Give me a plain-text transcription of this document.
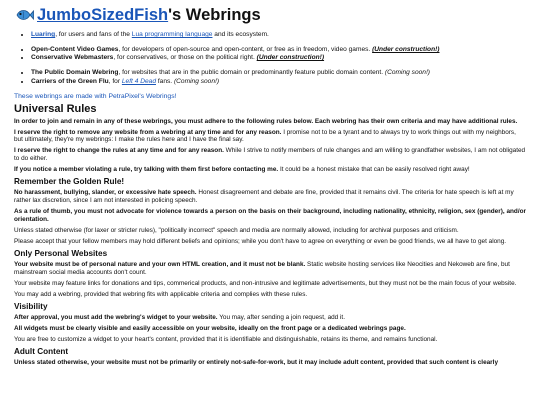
JumboSizedFish's Webrings
• Luaring, for users and fans of the Lua programming language and its ecosystem.
• Open-Content Video Games, for developers of open-source and open-content, or free as in freedom, video games. (Under construction!)
• Conservative Webmasters, for conservatives, or those on the political right. (Under construction!)
• The Public Domain Webring, for websites that are in the public domain or predominantly feature public domain content. (Coming soon!)
• Carriers of the Green Flu, for Left 4 Dead fans. (Coming soon!)
These webrings are made with PetraPixel's Webrings!
Universal Rules

In order to join and remain in any of these webrings, you must adhere to the following rules below. Each webring has their own criteria and may have additional rules.

I reserve the right to remove any website from a webring at any time and for any reason. I promise not to be a tyrant and to always try to work things out with my neighbors, but ultimately, they're my webrings: I make the rules here and I have the final say.

I reserve the right to change the rules at any time and for any reason. While I strive to notify members of rule changes and am willing to grandfather websites, I am not obligated to do either.

If you notice a member violating a rule, try talking with them first before contacting me. It could be a honest mistake that can be easily resolved right away!

Remember the Golden Rule!

No harassment, bullying, slander, or excessive hate speech. Honest disagreement and debate are fine, provided that it remains civil. The criteria for hate speech is left at my rather lax discretion, since I am not interested in policing speech.

As a rule of thumb, you must not advocate for violence towards a person on the basis on their background, including nationality, ethnicity, religion, sex (gender), and/or orientation.

Unless stated otherwise (for laxer or stricter rules), "politically incorrect" speech and media are normally allowed, including for archival purposes and criticism.

Please accept that your fellow members may hold different beliefs and opinions; while you don't have to agree on everything or even be good friends, we all have to get along.

Only Personal Websites

Your website must be of personal nature and your own HTML creation, and it must not be blank. Static website hosting services like Neocities and Nekoweb are fine, but mainstream social media accounts don't count.

Your website may feature links for donations and tips, commerical products, and non-intrusive and legitimate advertisements, but they must not be the main focus of your website.

You may add a webring, provided that webring fits with applicable criteria and complies with these rules.

Visibility

After approval, you must add the webring's widget to your website. You may, after sending a join request, add it.

All widgets must be clearly visible and easily accessible on your website, ideally on the front page or a dedicated webrings page.

You are free to customize a widget to your heart's content, provided that it is identifiable and distinguishable, retains its theme, and remains functional.

Adult Content

Unless stated otherwise, your website must not be primarily or entirely not-safe-for-work, but it may include adult content, provided that such content is clearly
